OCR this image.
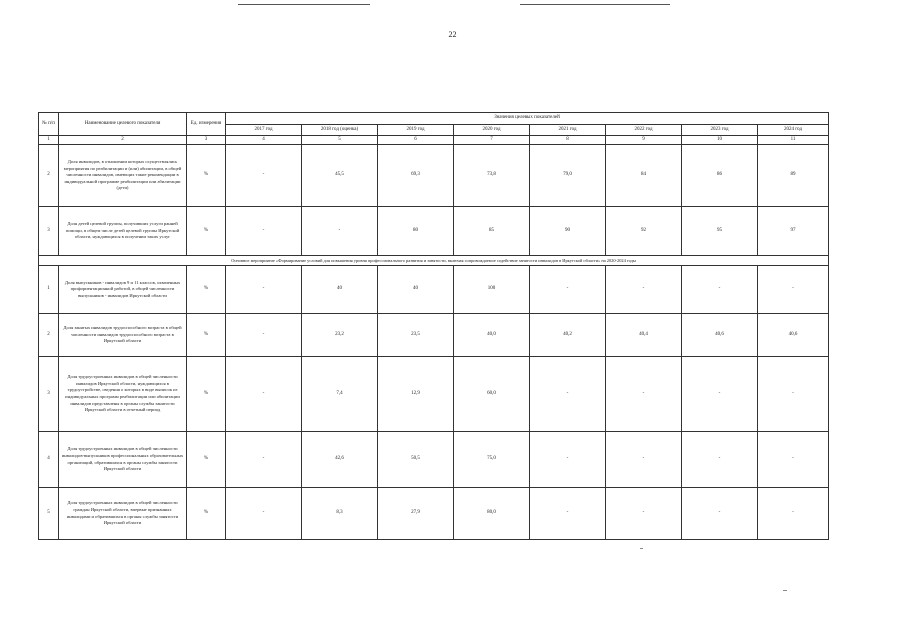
22
№ п/п	Наименование целевого показателя	Ед. измерения	Значения целевых показателей							
			2017 год	2018 год (оценка)	2019 год	2020 год	2021 год	2022 год	2023 год	2024 год
1	2	3	4	5	6	7	8	9	10	11
2	Доля инвалидов, в отношении которых осуществлялись мероприятия по реабилитации и (или) абилитации, в общей численности инвалидов, имеющих такие рекомендации в индивидуальной программе реабилитации или абилитации (дети)	%	-	45,5	69,3	73,8	79,0	84	86	89
3	Доля детей целевой группы, получивших услуги ранней помощи, в общем числе детей целевой группы Иркутской области, нуждающихся в получении таких услуг	%	-	-	80	85	90	92	95	97
Основное мероприятие «Формирование условий для повышения уровня профессионального развития и занятости, включая сопровождаемое содействие занятости инвалидов в Иркутской области» на 2020-2024 годы										
1	Доля выпускников - инвалидов 9 и 11 классов, охваченных профориентационной работой, в общей численности выпускников - инвалидов Иркутской области	%	-	40	40	100	-	-	-	-
2	Доля занятых инвалидов трудоспособного возраста в общей численности инвалидов трудоспособного возраста в Иркутской области	%	-	23,2	23,5	40,0	40,2	40,4	40,6	40,6
3	Доля трудоустроенных инвалидов в общей численности инвалидов Иркутской области, нуждающихся в трудоустройстве, сведения о которых в виде выписок из индивидуальных программ реабилитации или абилитации инвалидов представлены в органы службы занятости Иркутской области в отчетный период	%	-	7,4	12,9	60,0	-	-	-	-
4	Доля трудоустроенных инвалидов в общей численности инвалидов-выпускников профессиональных образовательных организаций, обратившихся в органы службы занятости Иркутской области	%	-	42,6	50,5	75,0	-	-	-	-
5	Доля трудоустроенных инвалидов в общей численности граждан Иркутской области, впервые признанных инвалидами и обратившихся в органы службы занятости Иркутской области	%	-	8,3	27,9	80,0	-	-	-	-
